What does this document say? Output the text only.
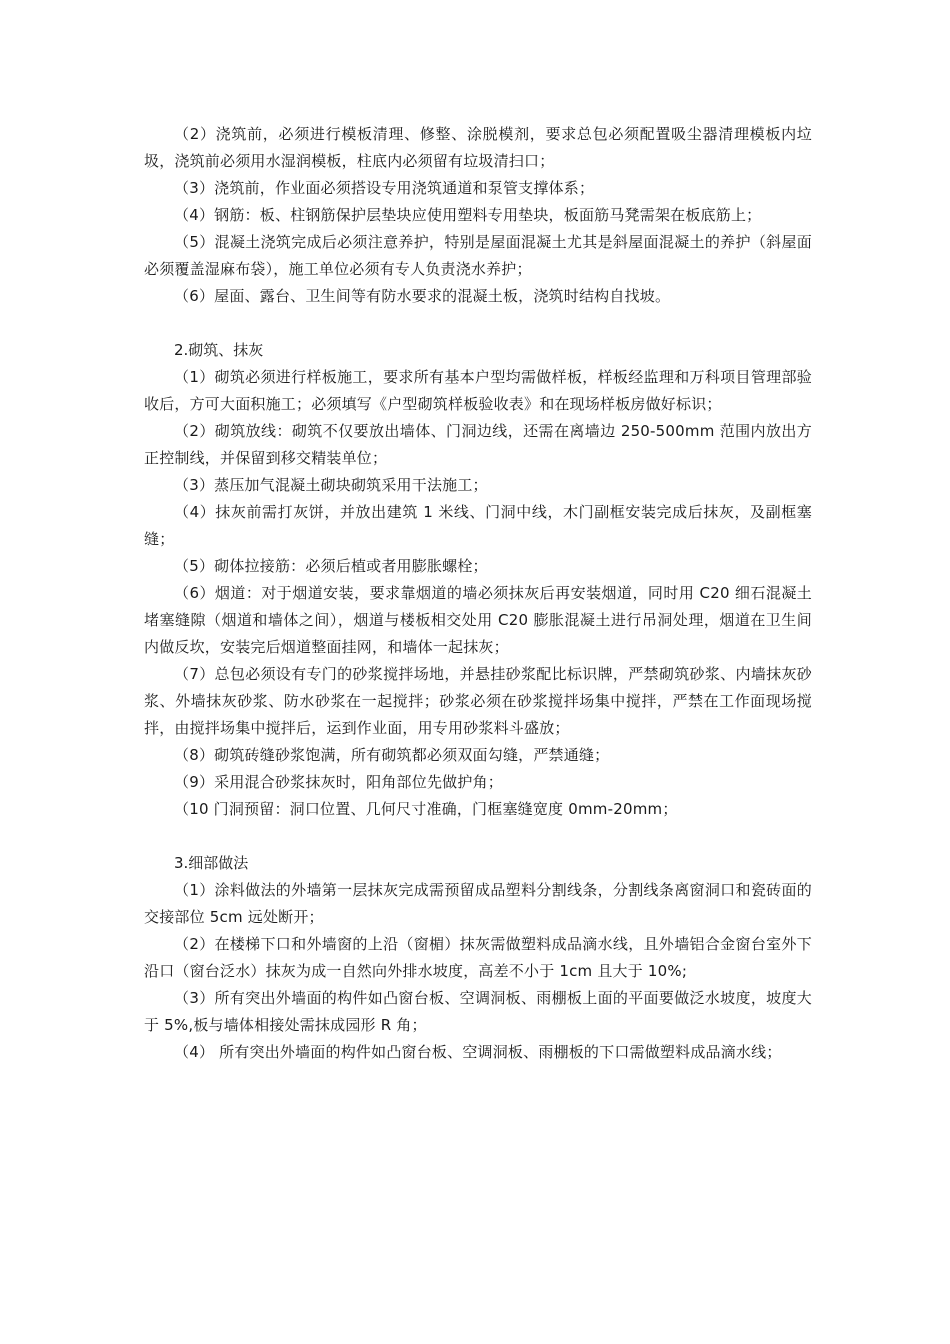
（2）浇筑前，必须进行模板清理、修整、涂脱模剂，要求总包必须配置吸尘器清理模板内垃圾，浇筑前必须用水湿润模板，柱底内必须留有垃圾清扫口；

（3）浇筑前，作业面必须搭设专用浇筑通道和泵管支撑体系；

（4）钢筋：板、柱钢筋保护层垫块应使用塑料专用垫块，板面筋马凳需架在板底筋上；

（5）混凝土浇筑完成后必须注意养护，特别是屋面混凝土尤其是斜屋面混凝土的养护（斜屋面必须覆盖湿麻布袋），施工单位必须有专人负责浇水养护；

（6）屋面、露台、卫生间等有防水要求的混凝土板，浇筑时结构自找坡。

2.砌筑、抹灰

（1）砌筑必须进行样板施工，要求所有基本户型均需做样板，样板经监理和万科项目管理部验收后，方可大面积施工；必须填写《户型砌筑样板验收表》和在现场样板房做好标识；

（2）砌筑放线：砌筑不仅要放出墙体、门洞边线，还需在离墙边 250-500mm 范围内放出方正控制线，并保留到移交精装单位；

（3）蒸压加气混凝土砌块砌筑采用干法施工；

（4）抹灰前需打灰饼，并放出建筑 1 米线、门洞中线，木门副框安装完成后抹灰，及副框塞缝；

（5）砌体拉接筋：必须后植或者用膨胀螺栓；

（6）烟道：对于烟道安装，要求靠烟道的墙必须抹灰后再安装烟道，同时用 C20 细石混凝土堵塞缝隙（烟道和墙体之间），烟道与楼板相交处用 C20 膨胀混凝土进行吊洞处理，烟道在卫生间内做反坎，安装完后烟道整面挂网，和墙体一起抹灰；

（7）总包必须设有专门的砂浆搅拌场地，并悬挂砂浆配比标识牌，严禁砌筑砂浆、内墙抹灰砂浆、外墙抹灰砂浆、防水砂浆在一起搅拌；砂浆必须在砂浆搅拌场集中搅拌，严禁在工作面现场搅拌，由搅拌场集中搅拌后，运到作业面，用专用砂浆料斗盛放；

（8）砌筑砖缝砂浆饱满，所有砌筑都必须双面勾缝，严禁通缝；

（9）采用混合砂浆抹灰时，阳角部位先做护角；

（10 门洞预留：洞口位置、几何尺寸准确，门框塞缝宽度 0mm-20mm；

3.细部做法

（1）涂料做法的外墙第一层抹灰完成需预留成品塑料分割线条，分割线条离窗洞口和瓷砖面的交接部位 5cm 远处断开；

（2）在楼梯下口和外墙窗的上沿（窗楣）抹灰需做塑料成品滴水线，且外墙铝合金窗台室外下沿口（窗台泛水）抹灰为成一自然向外排水坡度，高差不小于 1cm 且大于 10%;

（3）所有突出外墙面的构件如凸窗台板、空调洞板、雨棚板上面的平面要做泛水坡度，坡度大于 5%,板与墙体相接处需抹成园形 R 角；

（4） 所有突出外墙面的构件如凸窗台板、空调洞板、雨棚板的下口需做塑料成品滴水线；
